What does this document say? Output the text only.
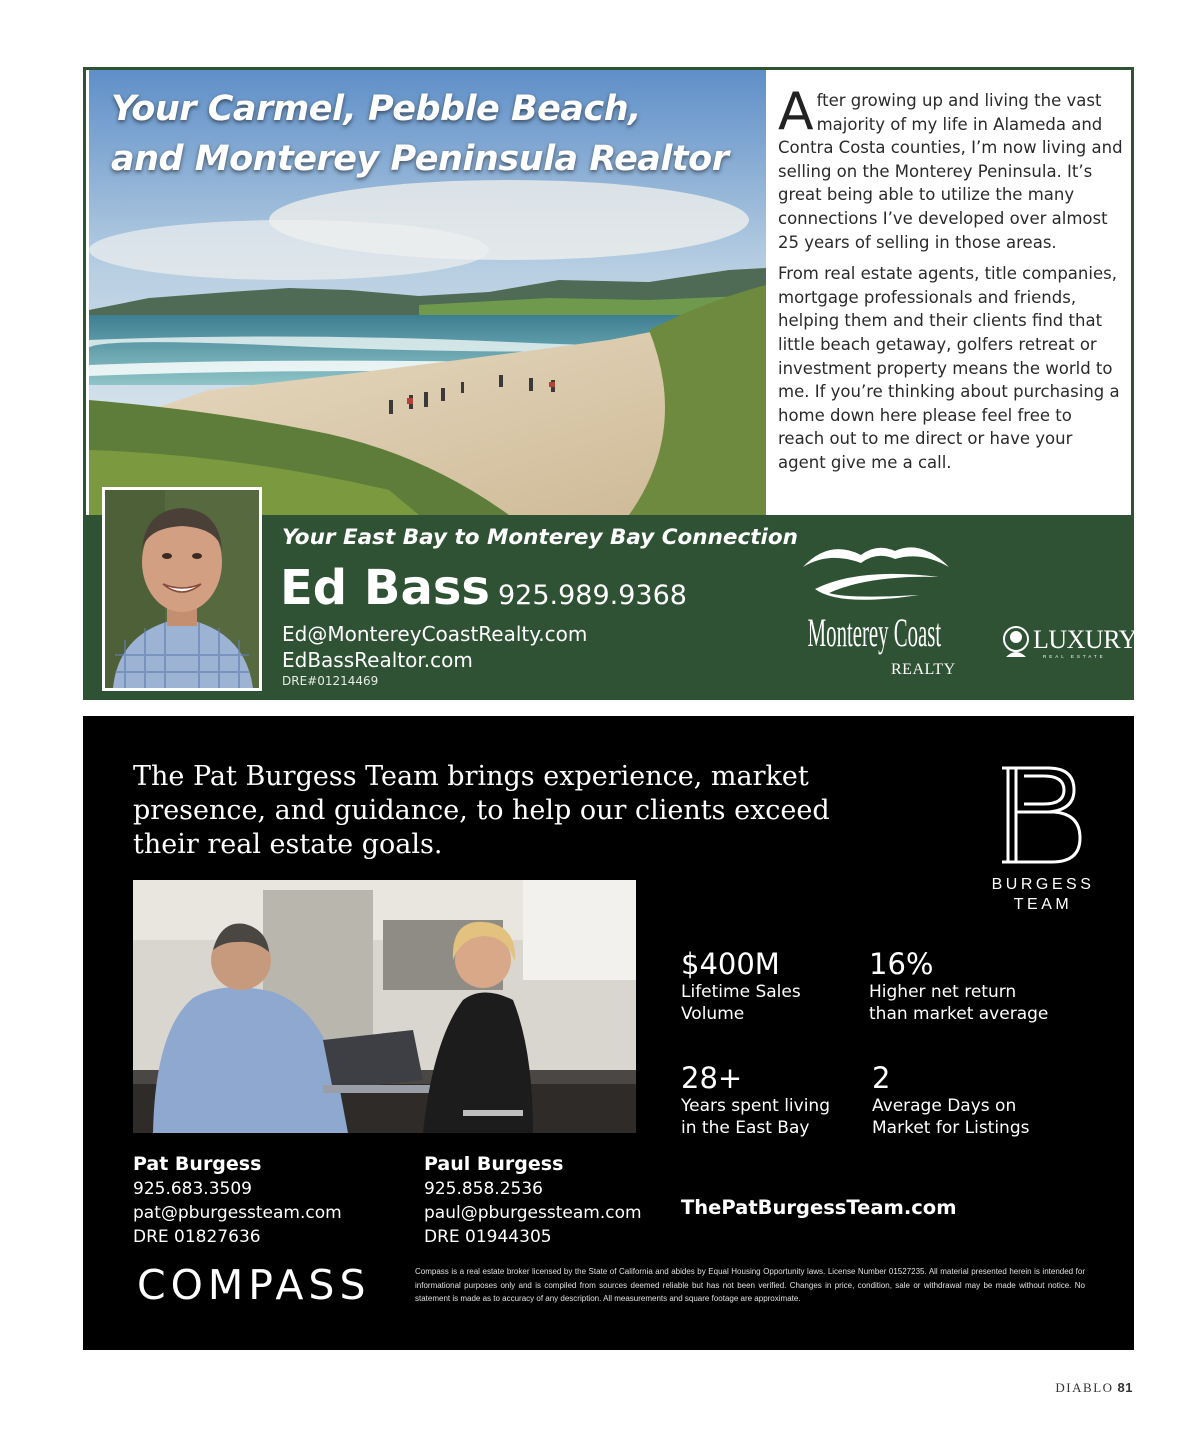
Your Carmel, Pebble Beach,
and Monterey Peninsula Realtor

After growing up and living the vast majority of my life in Alameda and Contra Costa counties, I’m now living and selling on the Monterey Peninsula. It’s great being able to utilize the many connections I’ve developed over almost 25 years of selling in those areas.

From real estate agents, title companies, mortgage professionals and friends, helping them and their clients find that little beach getaway, golfers retreat or investment property means the world to me. If you’re thinking about purchasing a home down here please feel free to reach out to me direct or have your agent give me a call.

Your East Bay to Monterey Bay Connection

Ed Bass 925.989.9368
Ed@MontereyCoastRealty.com
EdBassRealtor.com
DRE#01214469
Monterey Coast
REALTY
LUXURY
REAL ESTATE
The Pat Burgess Team brings experience, market presence, and guidance, to help our clients exceed their real estate goals.
BURGESS
TEAM
$400M
Lifetime Sales Volume
16%
Higher net return than market average
28+
Years spent living in the East Bay
2
Average Days on Market for Listings
Pat Burgess
925.683.3509
pat@pburgessteam.com
DRE 01827636
Paul Burgess
925.858.2536
paul@pburgessteam.com
DRE 01944305
ThePatBurgessTeam.com
COMPASS	Compass is a real estate broker licensed by the State of California and abides by Equal Housing Opportunity laws. License Number 01527235. All material presented herein is intended for informational purposes only and is compiled from sources deemed reliable but has not been verified. Changes in price, condition, sale or withdrawal may be made without notice. No statement is made as to accuracy of any description. All measurements and square footage are approximate.

DIABLO 81
